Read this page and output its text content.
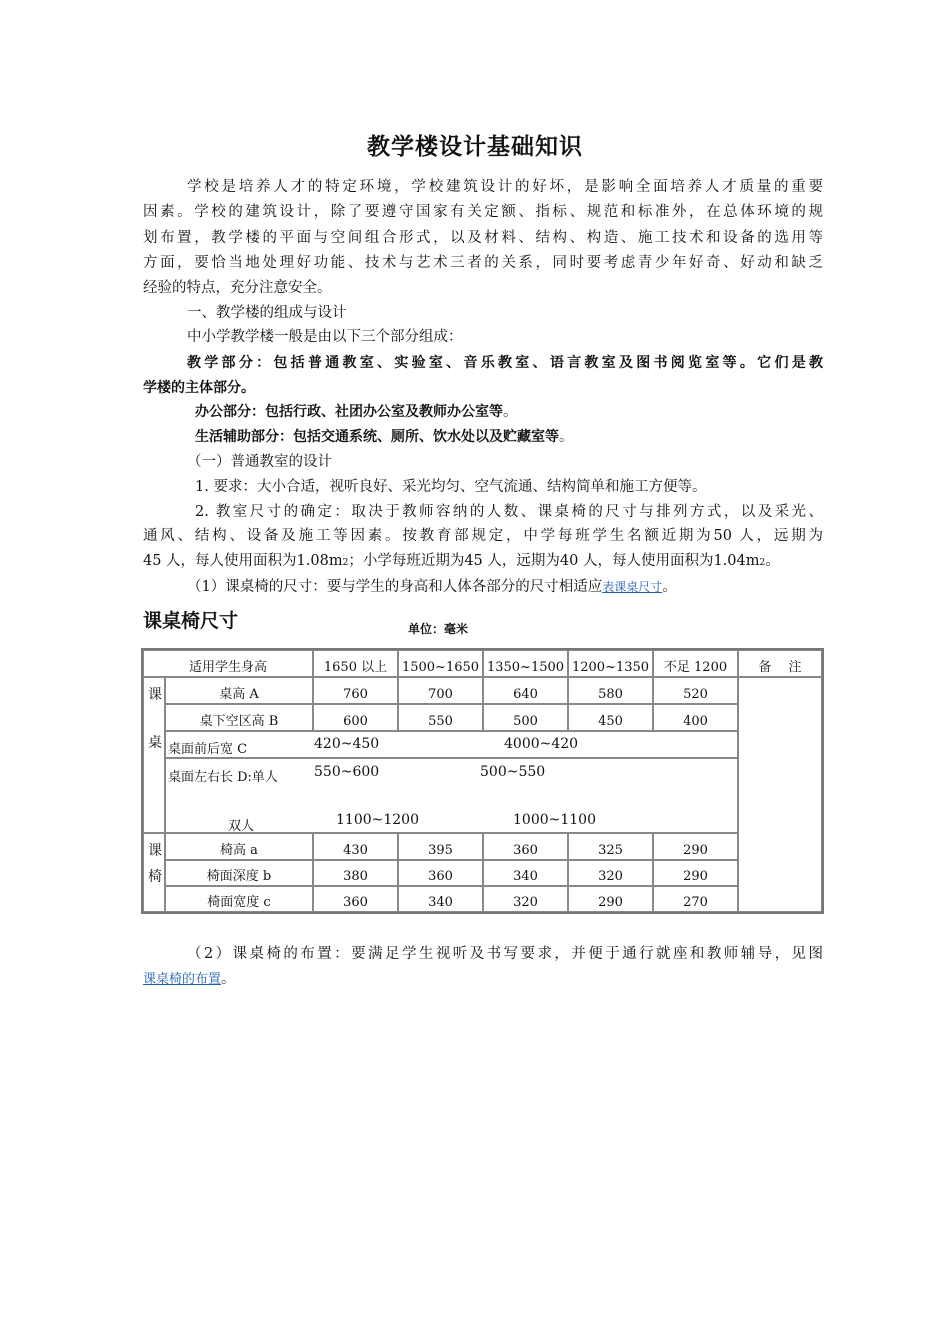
教学楼设计基础知识
学校是培养人才的特定环境，学校建筑设计的好坏，是影响全面培养人才质量的重要
因素。学校的建筑设计，除了要遵守国家有关定额、指标、规范和标准外，在总体环境的规
划布置，教学楼的平面与空间组合形式，以及材料、结构、构造、施工技术和设备的选用等
方面，要恰当地处理好功能、技术与艺术三者的关系，同时要考虑青少年好奇、好动和缺乏
经验的特点，充分注意安全。
一、教学楼的组成与设计
中小学教学楼一般是由以下三个部分组成：
教学部分：包括普通教室、实验室、音乐教室、语言教室及图书阅览室等。它们是教
学楼的主体部分。
办公部分：包括行政、社团办公室及教师办公室等。
生活辅助部分：包括交通系统、厕所、饮水处以及贮藏室等。
（一）普通教室的设计
1. 要求：大小合适，视听良好、采光均匀、空气流通、结构简单和施工方便等。
2. 教室尺寸的确定：取决于教师容纳的人数、课桌椅的尺寸与排列方式，以及采光、
通风、结构、设备及施工等因素。按教育部规定，中学每班学生名额近期为50 人，远期为
45 人，每人使用面积为1.08m2；小学每班近期为45 人，远期为40 人，每人使用面积为1.04m2。
（1）课桌椅的尺寸：要与学生的身高和人体各部分的尺寸相适应表课桌尺寸。
课桌椅尺寸	单位：毫米
适用学生身高	1650 以上	1500~1650 1350~1500 1200~1350	不足 1200	备　 注
课
桌
桌高 A	760	700	640	580	520
桌下空区高 B	600	550	500	450	400
桌面前后宽 C	420~450	4000~420
桌面左右长 D:单人	550~600	500~550
双人	1100~1200	1000~1100
课
椅
椅高 a	430	395	360	325	290
椅面深度 b	380	360	340	320	290
椅面宽度 c	360	340	320	290	270
（2）课桌椅的布置：要满足学生视听及书写要求，并便于通行就座和教师辅导，见图
课桌椅的布置。
